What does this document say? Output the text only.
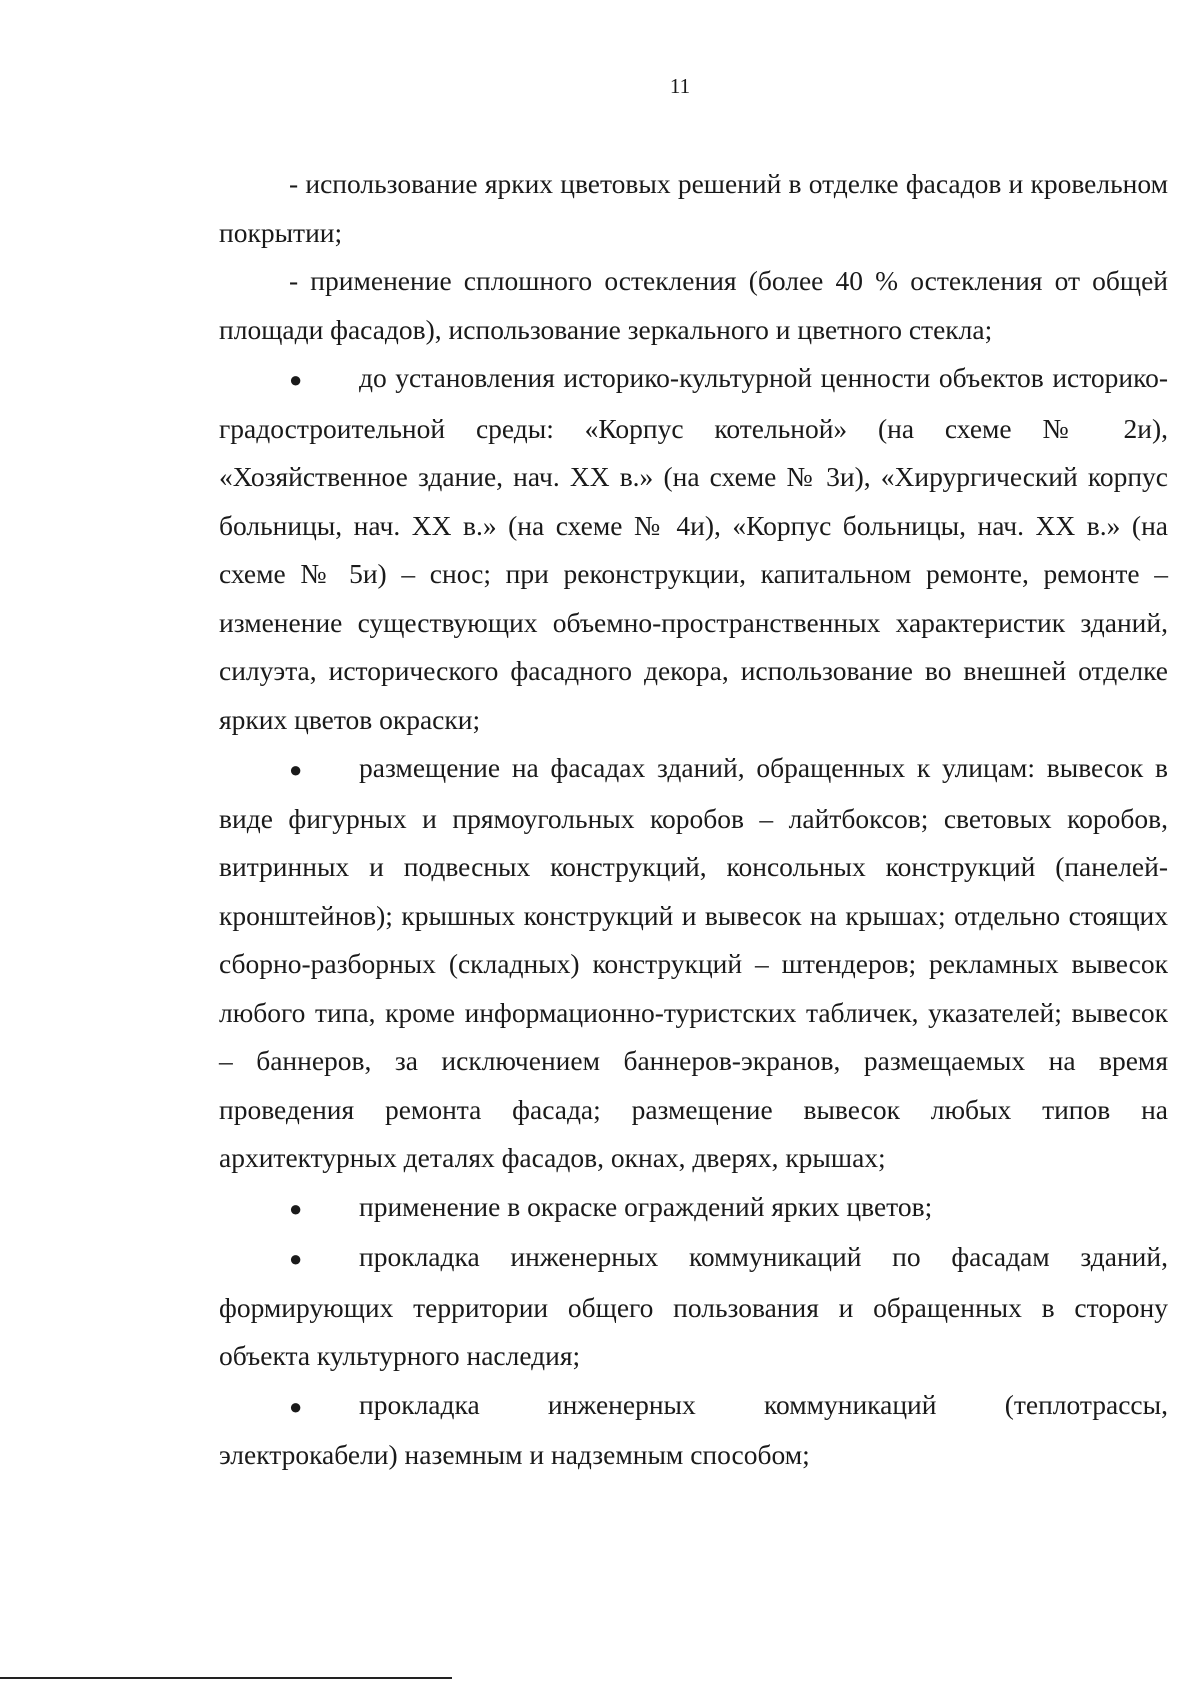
11

- использование ярких цветовых решений в отделке фасадов и кровельном покрытии;

- применение сплошного остекления (более 40 % остекления от общей площади фасадов), использование зеркального и цветного стекла;

● до установления историко-культурной ценности объектов историко-градостроительной среды: «Корпус котельной» (на схеме № 2и), «Хозяйственное здание, нач. XX в.» (на схеме № 3и), «Хирургический корпус больницы, нач. XX в.» (на схеме № 4и), «Корпус больницы, нач. XX в.» (на схеме № 5и) – снос; при реконструкции, капитальном ремонте, ремонте – изменение существующих объемно-пространственных характеристик зданий, силуэта, исторического фасадного декора, использование во внешней отделке ярких цветов окраски;

● размещение на фасадах зданий, обращенных к улицам: вывесок в виде фигурных и прямоугольных коробов – лайтбоксов; световых коробов, витринных и подвесных конструкций, консольных конструкций (панелей-кронштейнов); крышных конструкций и вывесок на крышах; отдельно стоящих сборно-разборных (складных) конструкций – штендеров; рекламных вывесок любого типа, кроме информационно-туристских табличек, указателей; вывесок – баннеров, за исключением баннеров-экранов, размещаемых на время проведения ремонта фасада; размещение вывесок любых типов на архитектурных деталях фасадов, окнах, дверях, крышах;

● применение в окраске ограждений ярких цветов;

● прокладка инженерных коммуникаций по фасадам зданий, формирующих территории общего пользования и обращенных в сторону объекта культурного наследия;

● прокладка инженерных коммуникаций (теплотрассы, электрокабели) наземным и надземным способом;
